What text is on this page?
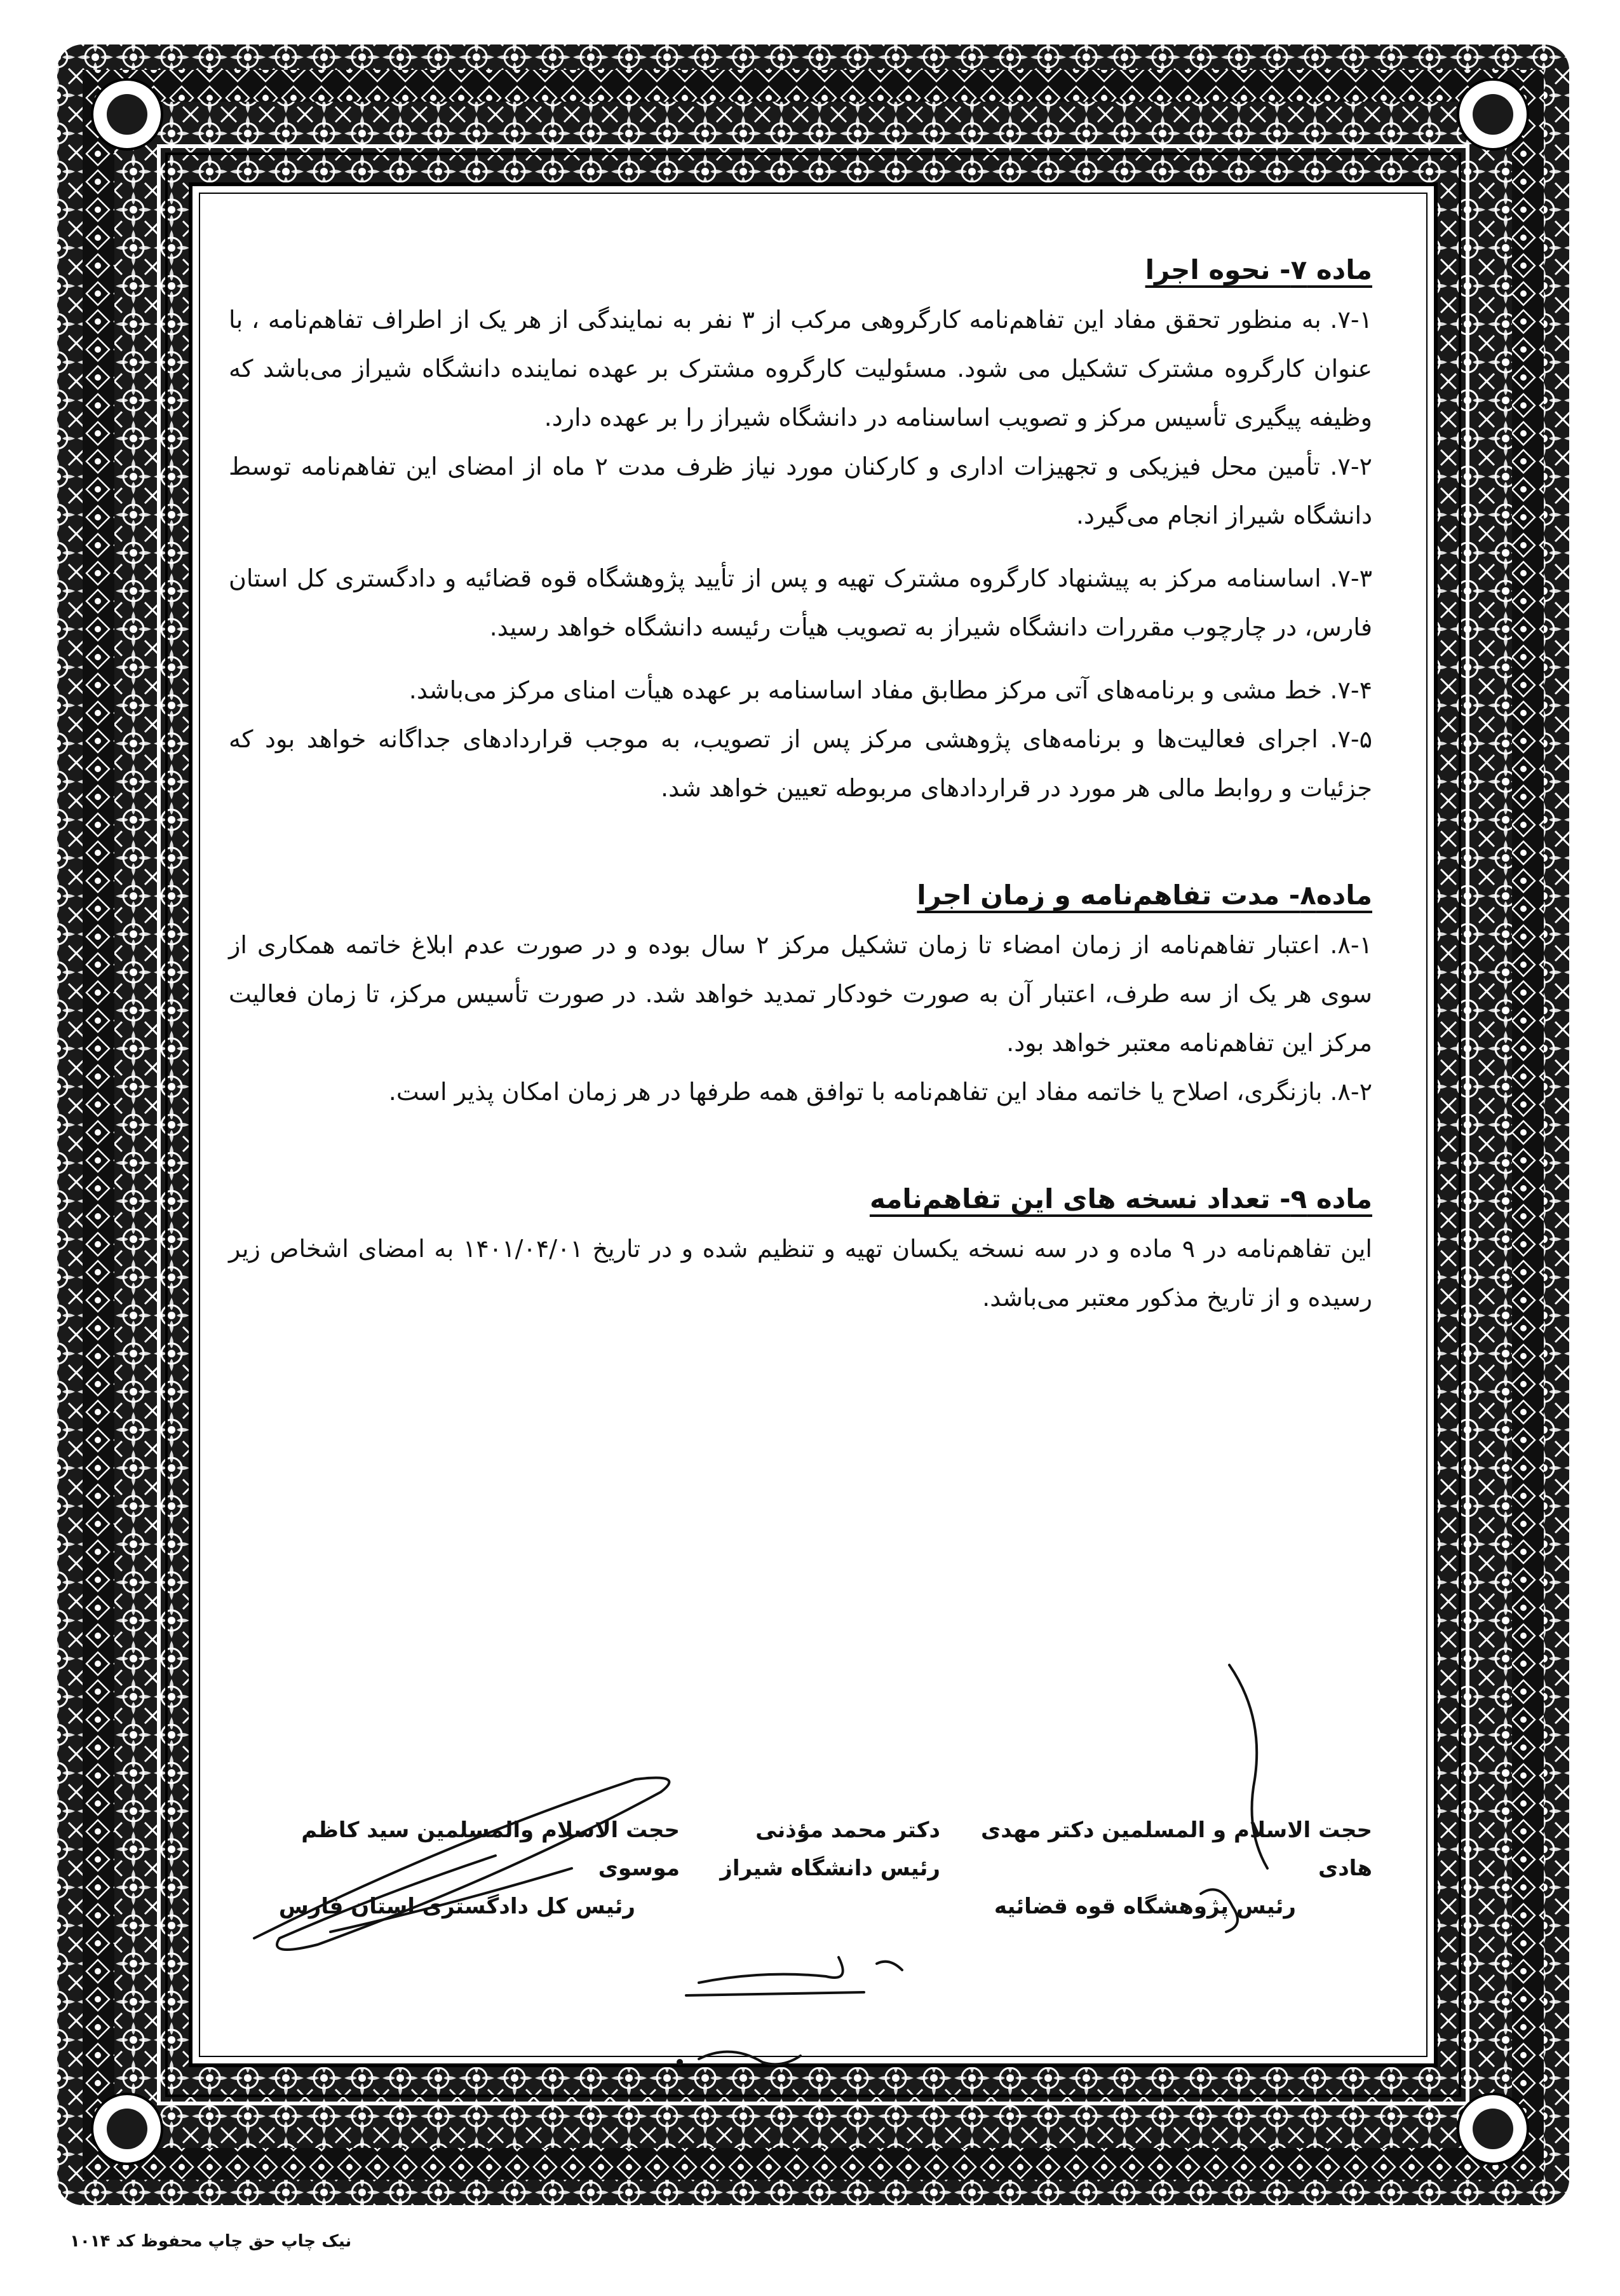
ماده ۷- نحوه اجرا

۷-۱. به منظور تحقق مفاد این تفاهم‌نامه کارگروهی مرکب از ۳ نفر به نمایندگی از هر یک از اطراف تفاهم‌نامه ، با عنوان کارگروه مشترک تشکیل می شود. مسئولیت کارگروه مشترک بر عهده نماینده دانشگاه شیراز می‌باشد که وظیفه پیگیری تأسیس مرکز و تصویب اساسنامه در دانشگاه شیراز را بر عهده دارد.

۷-۲. تأمین محل فیزیکی و تجهیزات اداری و کارکنان مورد نیاز ظرف مدت ۲ ماه از امضای این تفاهم‌نامه توسط دانشگاه شیراز انجام می‌گیرد.

۷-۳. اساسنامه مرکز به پیشنهاد کارگروه مشترک تهیه و پس از تأیید پژوهشگاه قوه قضائیه و دادگستری کل استان فارس، در چارچوب مقررات دانشگاه شیراز به تصویب هیأت رئیسه دانشگاه خواهد رسید.

۷-۴. خط مشی و برنامه‌های آتی مرکز مطابق مفاد اساسنامه بر عهده هیأت امنای مرکز می‌باشد.

۷-۵. اجرای فعالیت‌ها و برنامه‌های پژوهشی مرکز پس از تصویب، به موجب قراردادهای جداگانه خواهد بود که جزئیات و روابط مالی هر مورد در قراردادهای مربوطه تعیین خواهد شد.

ماده۸- مدت تفاهم‌نامه و زمان اجرا

۸-۱. اعتبار تفاهم‌نامه از زمان امضاء تا زمان تشکیل مرکز ۲ سال بوده و در صورت عدم ابلاغ خاتمه همکاری از سوی هر یک از سه طرف، اعتبار آن به صورت خودکار تمدید خواهد شد. در صورت تأسیس مرکز، تا زمان فعالیت مرکز این تفاهم‌نامه معتبر خواهد بود.

۸-۲. بازنگری، اصلاح یا خاتمه مفاد این تفاهم‌نامه با توافق همه طرفها در هر زمان امکان پذیر است.

ماده ۹- تعداد نسخه های این تفاهم‌نامه

این تفاهم‌نامه در ۹ ماده و در سه نسخه یکسان تهیه و تنظیم شده و در تاریخ ۱۴۰۱/۰۴/۰۱ به امضای اشخاص زیر رسیده و از تاریخ مذکور معتبر می‌باشد.

حجت الاسلام و المسلمین دکتر مهدی هادی
رئیس پژوهشگاه قوه قضائیه
دکتر محمد مؤذنی
رئیس دانشگاه شیراز
حجت الاسلام والمسلمین سید کاظم موسوی
رئیس کل دادگستری استان فارس
نیک چاپ حق چاپ محفوظ کد ۱۰۱۴
